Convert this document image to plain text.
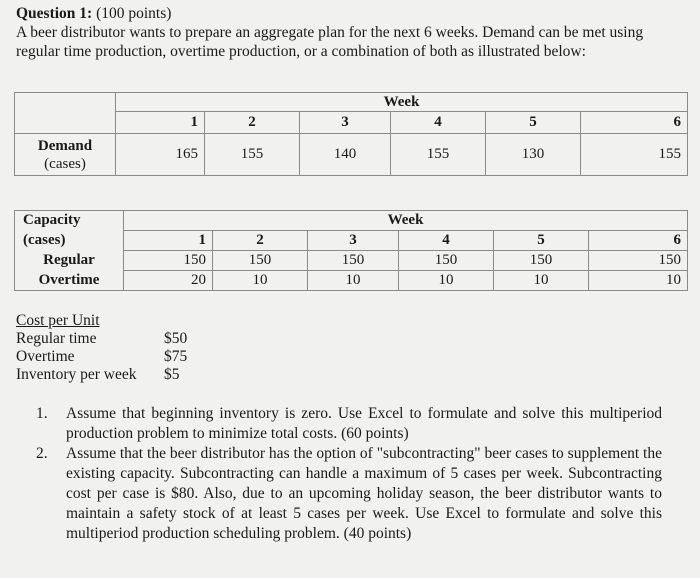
Question 1: (100 points)
A beer distributor wants to prepare an aggregate plan for the next 6 weeks. Demand can be met using regular time production, overtime production, or a combination of both as illustrated below:
	Week					
	1	2	3	4	5	6

Demand
(cases)	165	155	140	155	130	155
Capacity	Week					
(cases)	1	2	3	4	5	6
Regular	150	150	150	150	150	150
Overtime	20	10	10	10	10	10
Cost per Unit
Regular time	$50
Overtime	$75
Inventory per week	$5
1.	Assume that beginning inventory is zero. Use Excel to formulate and solve this multiperiod production problem to minimize total costs. (60 points)
2.	Assume that the beer distributor has the option of "subcontracting" beer cases to supplement the existing capacity. Subcontracting can handle a maximum of 5 cases per week. Subcontracting cost per case is $80. Also, due to an upcoming holiday season, the beer distributor wants to maintain a safety stock of at least 5 cases per week. Use Excel to formulate and solve this multiperiod production scheduling problem. (40 points)
